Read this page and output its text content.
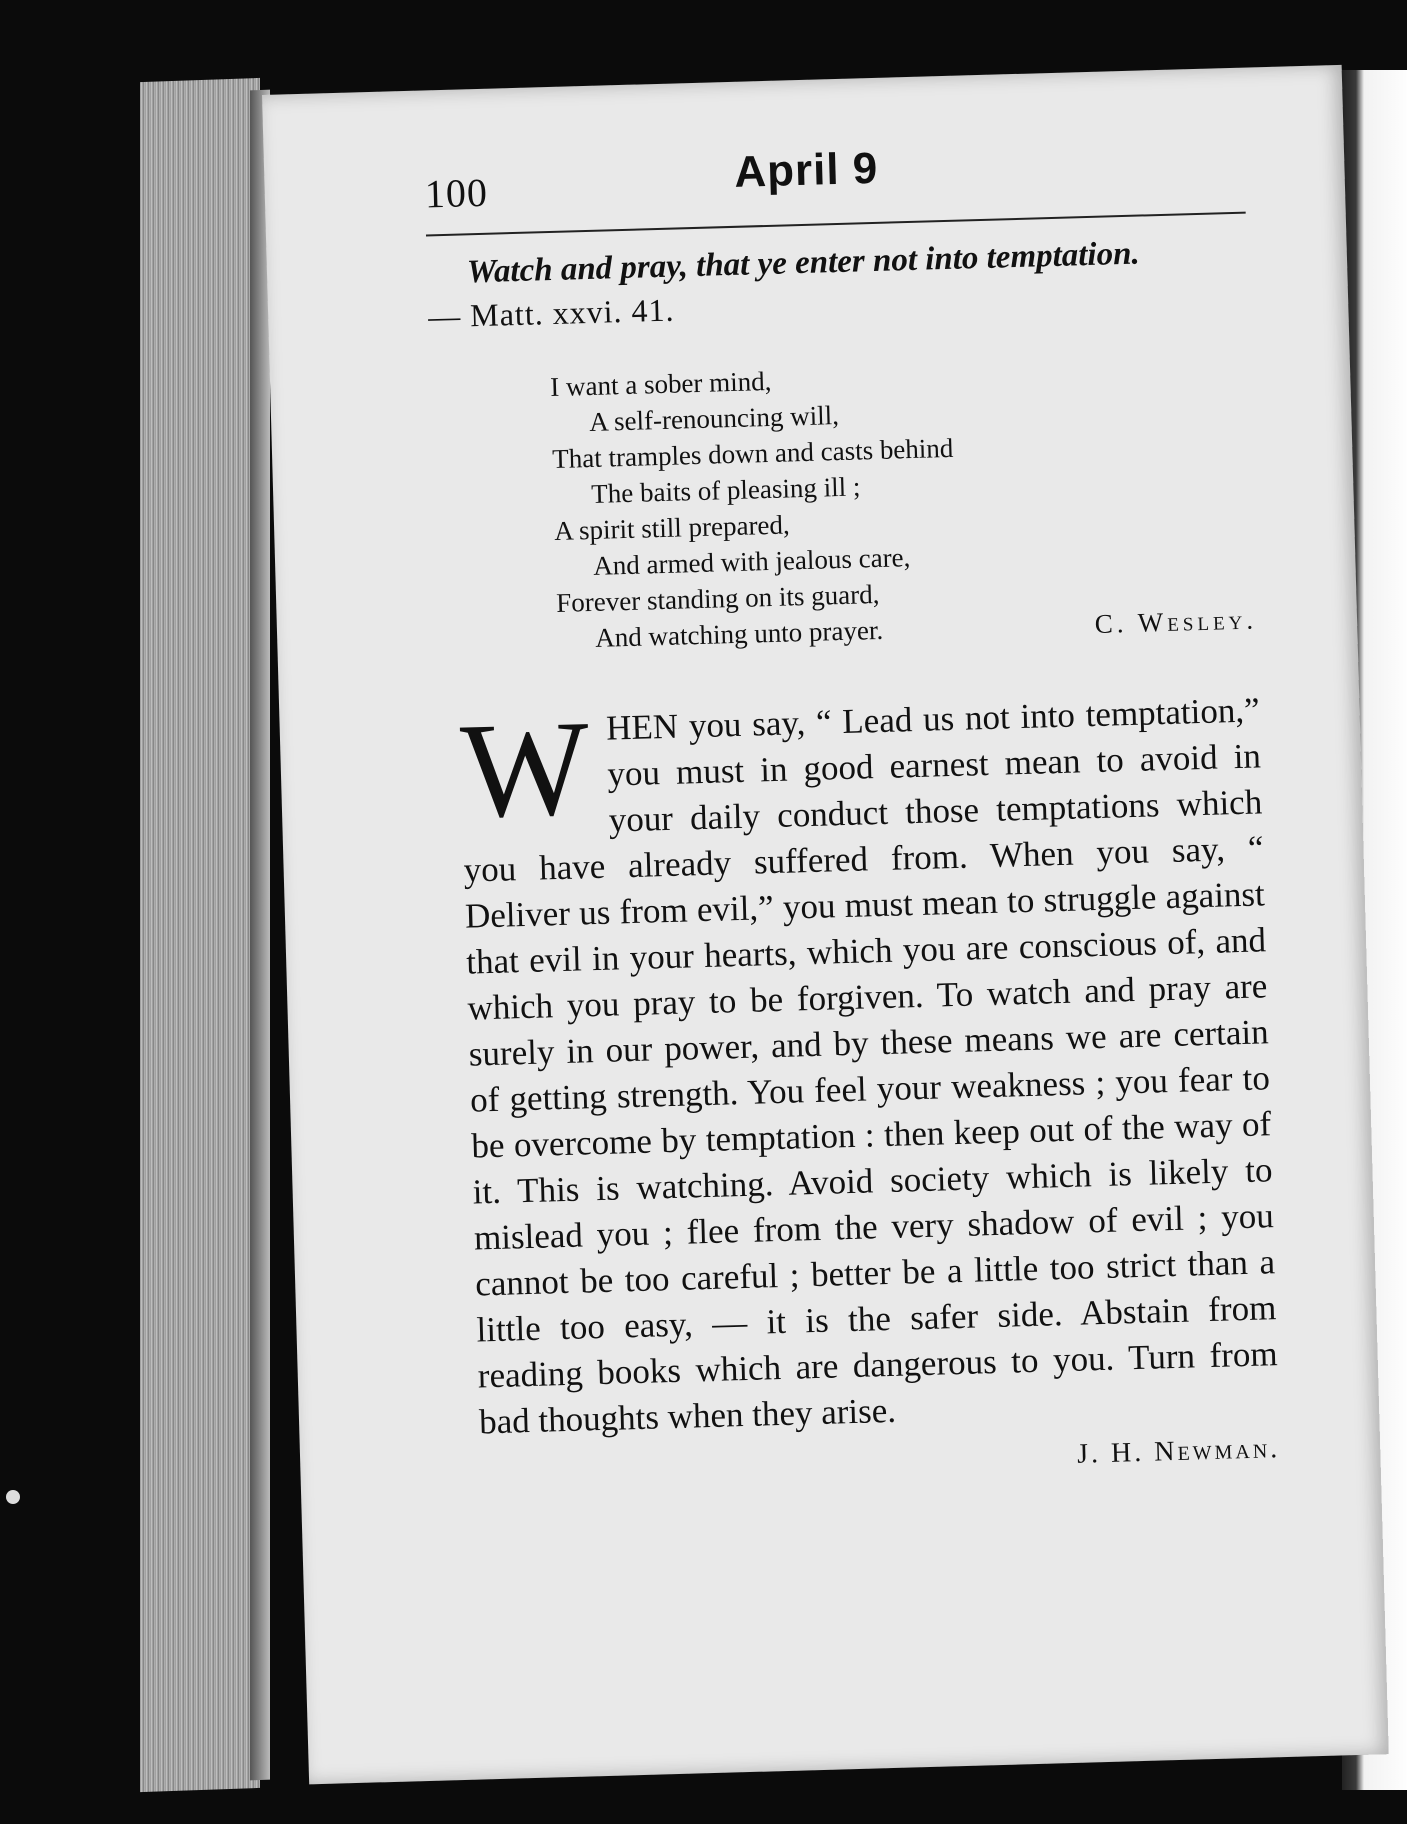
100	April 9
Watch and pray, that ye enter not into temptation.
— Matt. xxvi. 41.
I want a sober mind,
A self-renouncing will,
That tramples down and casts behind
The baits of pleasing ill ;
A spirit still prepared,
And armed with jealous care,
Forever standing on its guard,
And watching unto prayer.	C. Wesley.
W HEN you say, “ Lead us not into temptation,” you must in good earnest mean to avoid in your daily conduct those temptations which you have already suffered from. When you say, “ Deliver us from evil,” you must mean to struggle against that evil in your hearts, which you are conscious of, and which you pray to be forgiven. To watch and pray are surely in our power, and by these means we are certain of getting strength. You feel your weakness ; you fear to be overcome by temptation : then keep out of the way of it. This is watching. Avoid society which is likely to mislead you ; flee from the very shadow of evil ; you cannot be too careful ; better be a little too strict than a little too easy, — it is the safer side. Abstain from reading books which are dangerous to you. Turn from bad thoughts when they arise.
J. H. Newman.
